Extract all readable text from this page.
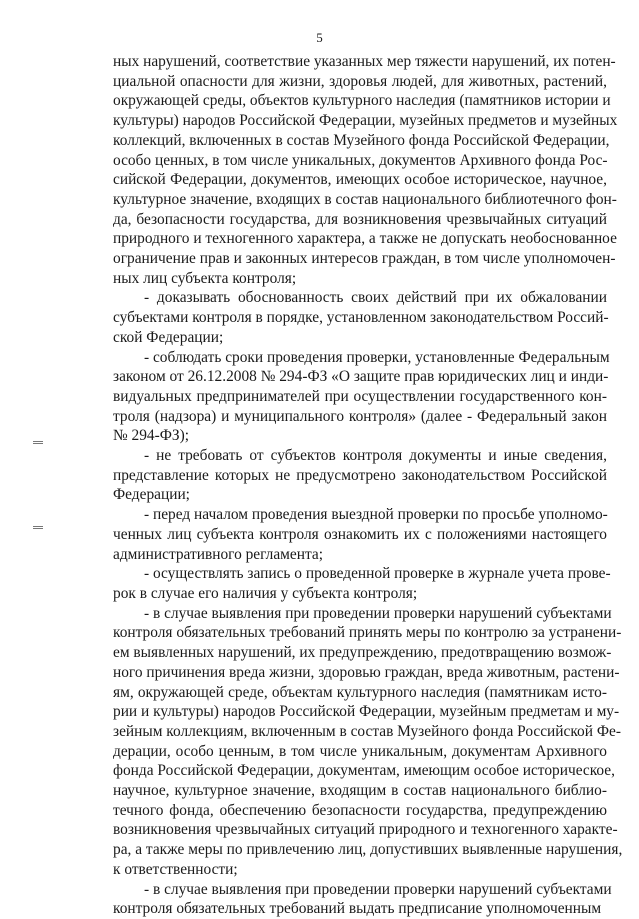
5
ных нарушений, соответствие указанных мер тяжести нарушений, их потен-
циальной опасности для жизни, здоровья людей, для животных, растений,
окружающей среды, объектов культурного наследия (памятников истории и
культуры) народов Российской Федерации, музейных предметов и музейных
коллекций, включенных в состав Музейного фонда Российской Федерации,
особо ценных, в том числе уникальных, документов Архивного фонда Рос-
сийской Федерации, документов, имеющих особое историческое, научное,
культурное значение, входящих в состав национального библиотечного фон-
да, безопасности государства, для возникновения чрезвычайных ситуаций
природного и техногенного характера, а также не допускать необоснованное
ограничение прав и законных интересов граждан, в том числе уполномочен-
ных лиц субъекта контроля;
- доказывать обоснованность своих действий при их обжаловании
субъектами контроля в порядке, установленном законодательством Россий-
ской Федерации;
- соблюдать сроки проведения проверки, установленные Федеральным
законом от 26.12.2008 № 294-ФЗ «О защите прав юридических лиц и инди-
видуальных предпринимателей при осуществлении государственного кон-
троля (надзора) и муниципального контроля» (далее - Федеральный закон
№ 294-ФЗ);
- не требовать от субъектов контроля документы и иные сведения,
представление которых не предусмотрено законодательством Российской
Федерации;
- перед началом проведения выездной проверки по просьбе уполномо-
ченных лиц субъекта контроля ознакомить их с положениями настоящего
административного регламента;
- осуществлять запись о проведенной проверке в журнале учета прове-
рок в случае его наличия у субъекта контроля;
- в случае выявления при проведении проверки нарушений субъектами
контроля обязательных требований принять меры по контролю за устранени-
ем выявленных нарушений, их предупреждению, предотвращению возмож-
ного причинения вреда жизни, здоровью граждан, вреда животным, растени-
ям, окружающей среде, объектам культурного наследия (памятникам исто-
рии и культуры) народов Российской Федерации, музейным предметам и му-
зейным коллекциям, включенным в состав Музейного фонда Российской Фе-
дерации, особо ценным, в том числе уникальным, документам Архивного
фонда Российской Федерации, документам, имеющим особое историческое,
научное, культурное значение, входящим в состав национального библио-
течного фонда, обеспечению безопасности государства, предупреждению
возникновения чрезвычайных ситуаций природного и техногенного характе-
ра, а также меры по привлечению лиц, допустивших выявленные нарушения,
к ответственности;
- в случае выявления при проведении проверки нарушений субъектами
контроля обязательных требований выдать предписание уполномоченным
